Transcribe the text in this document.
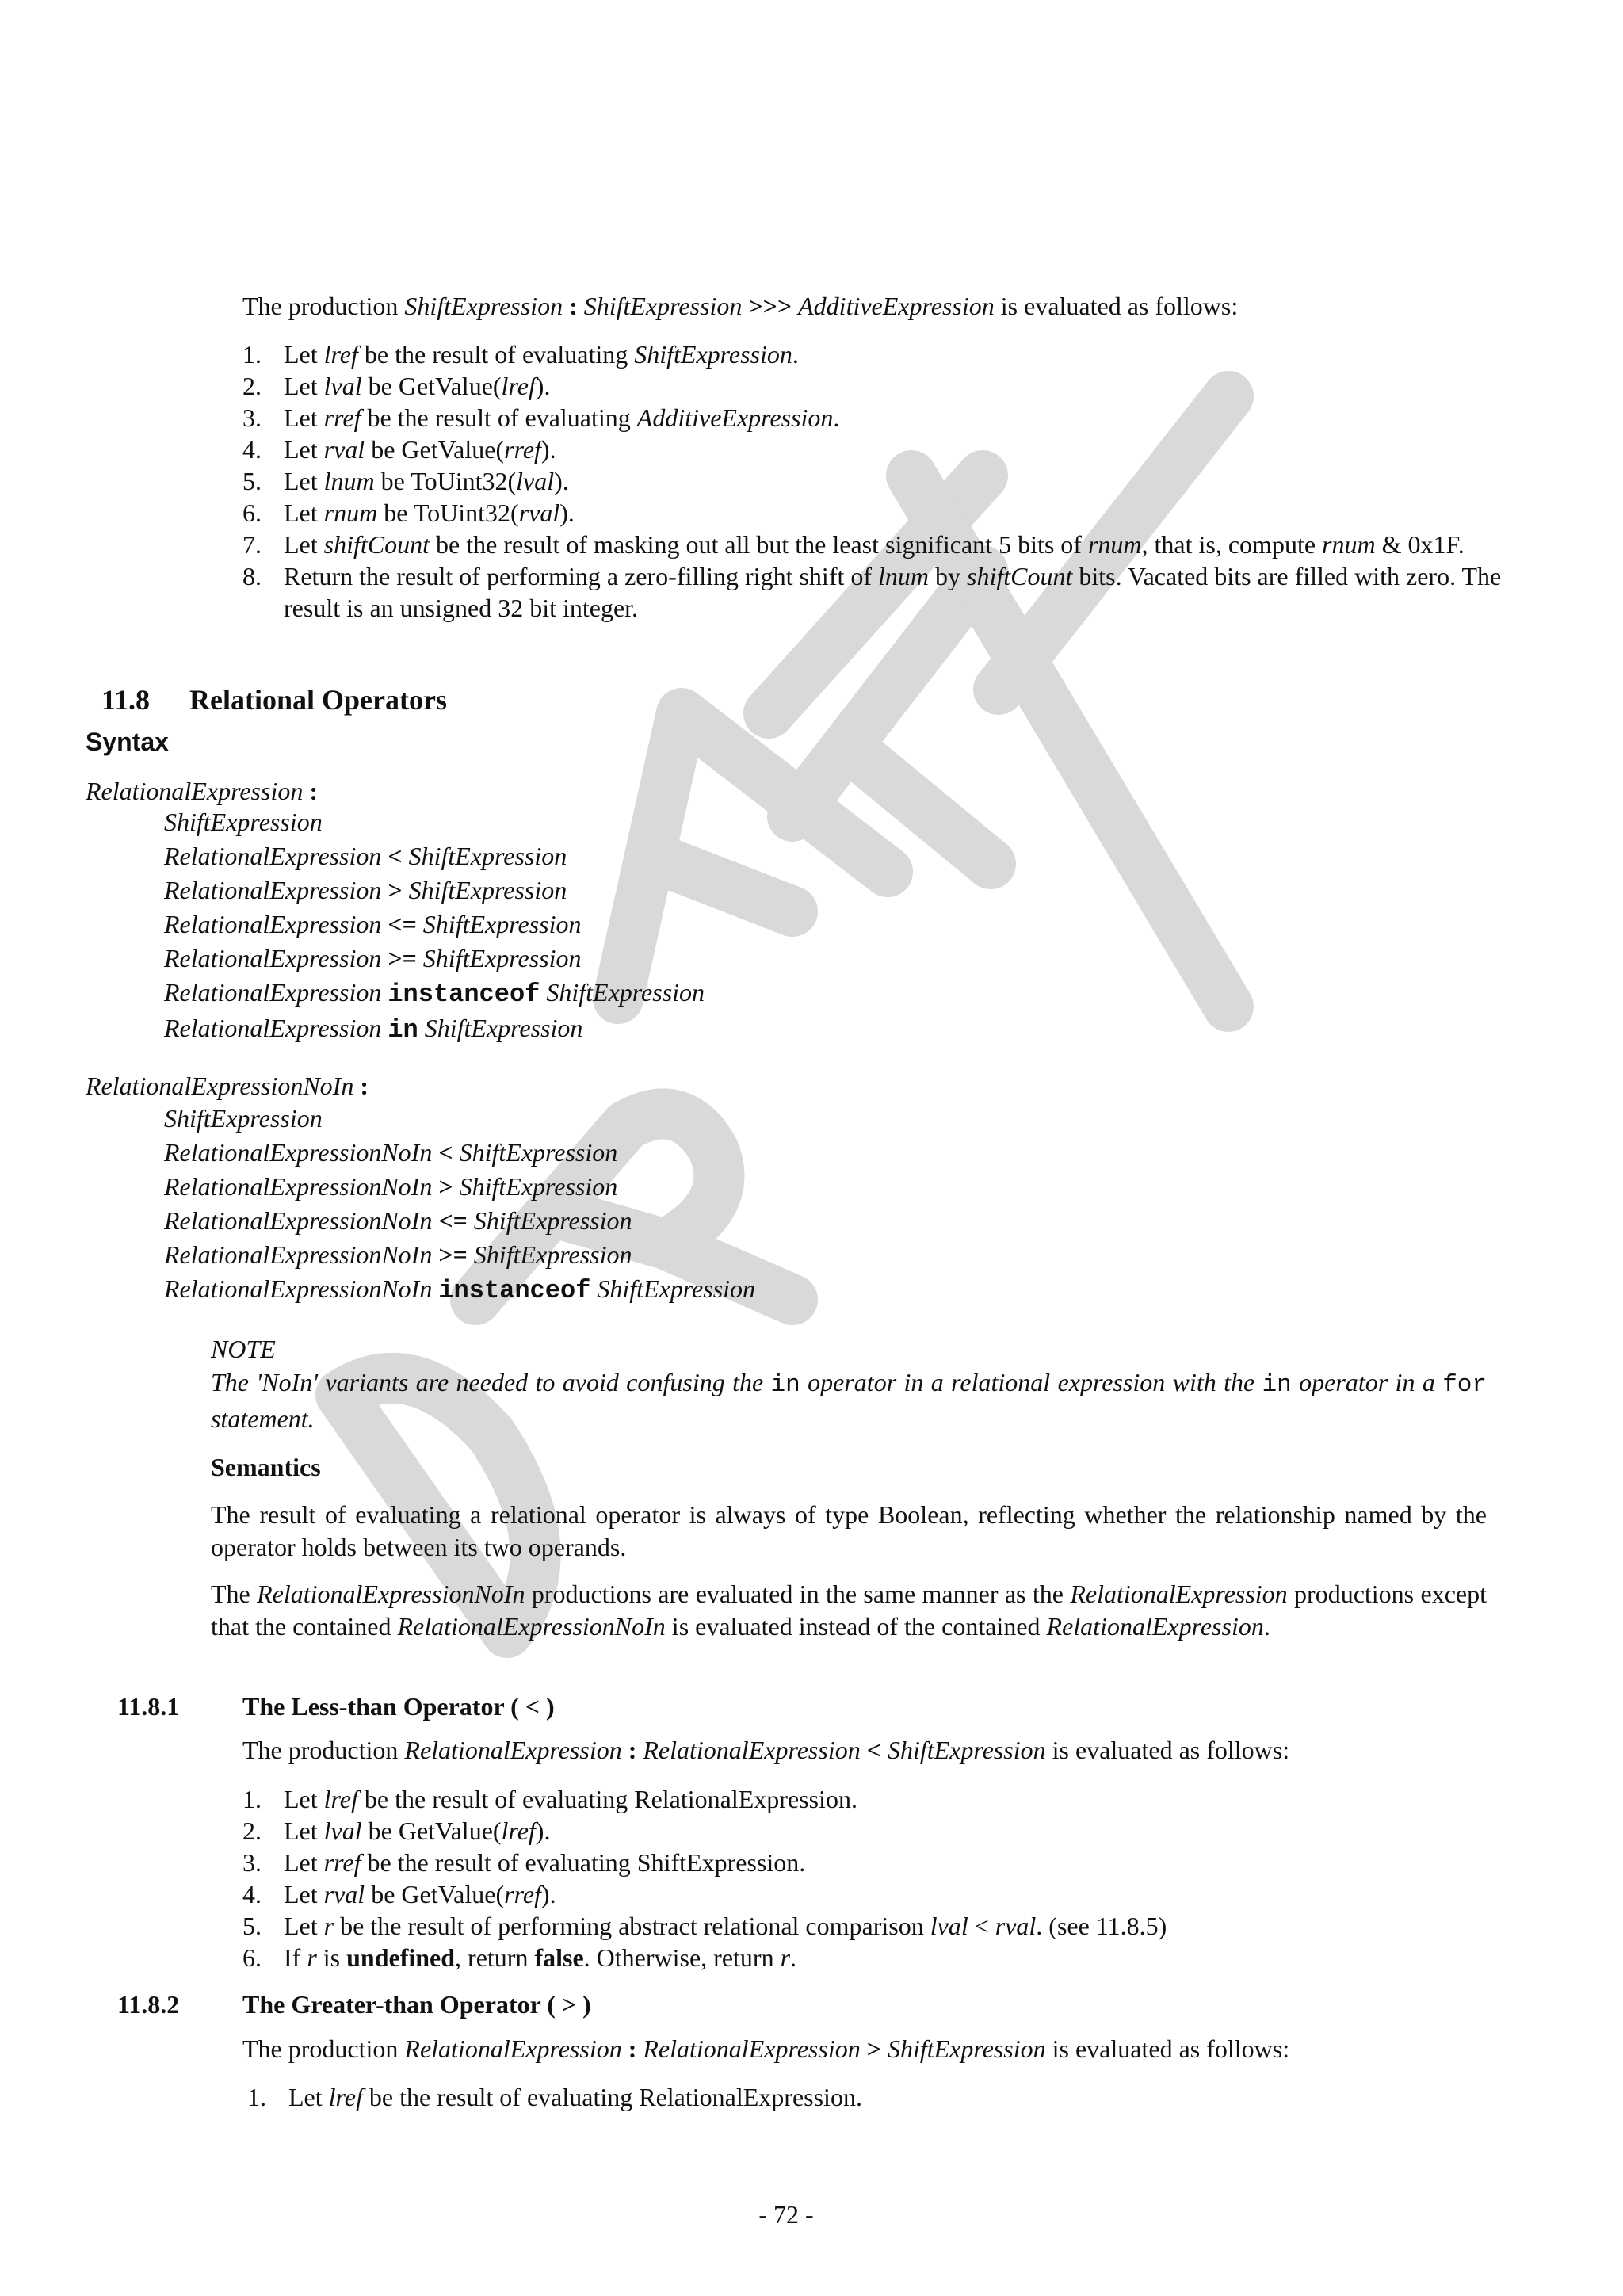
The production ShiftExpression : ShiftExpression >>> AdditiveExpression is evaluated as follows:
1. Let lref be the result of evaluating ShiftExpression.
2. Let lval be GetValue(lref).
3. Let rref be the result of evaluating AdditiveExpression.
4. Let rval be GetValue(rref).
5. Let lnum be ToUint32(lval).
6. Let rnum be ToUint32(rval).
7. Let shiftCount be the result of masking out all but the least significant 5 bits of rnum, that is, compute rnum & 0x1F.
8. Return the result of performing a zero-filling right shift of lnum by shiftCount bits. Vacated bits are filled with zero. The result is an unsigned 32 bit integer.
11.8 Relational Operators
Syntax
RelationalExpression :
ShiftExpression
RelationalExpression < ShiftExpression
RelationalExpression > ShiftExpression
RelationalExpression <= ShiftExpression
RelationalExpression >= ShiftExpression
RelationalExpression instanceof ShiftExpression
RelationalExpression in ShiftExpression
RelationalExpressionNoIn :
ShiftExpression
RelationalExpressionNoIn < ShiftExpression
RelationalExpressionNoIn > ShiftExpression
RelationalExpressionNoIn <= ShiftExpression
RelationalExpressionNoIn >= ShiftExpression
RelationalExpressionNoIn instanceof ShiftExpression
NOTE
The 'NoIn' variants are needed to avoid confusing the in operator in a relational expression with the in operator in a for statement.
Semantics
The result of evaluating a relational operator is always of type Boolean, reflecting whether the relationship named by the operator holds between its two operands.
The RelationalExpressionNoIn productions are evaluated in the same manner as the RelationalExpression productions except that the contained RelationalExpressionNoIn is evaluated instead of the contained RelationalExpression.
11.8.1 The Less-than Operator ( < )
The production RelationalExpression : RelationalExpression < ShiftExpression is evaluated as follows:
1. Let lref be the result of evaluating RelationalExpression.
2. Let lval be GetValue(lref).
3. Let rref be the result of evaluating ShiftExpression.
4. Let rval be GetValue(rref).
5. Let r be the result of performing abstract relational comparison lval < rval. (see 11.8.5)
6. If r is undefined, return false. Otherwise, return r.
11.8.2 The Greater-than Operator ( > )
The production RelationalExpression : RelationalExpression > ShiftExpression is evaluated as follows:
1. Let lref be the result of evaluating RelationalExpression.
- 72 -
